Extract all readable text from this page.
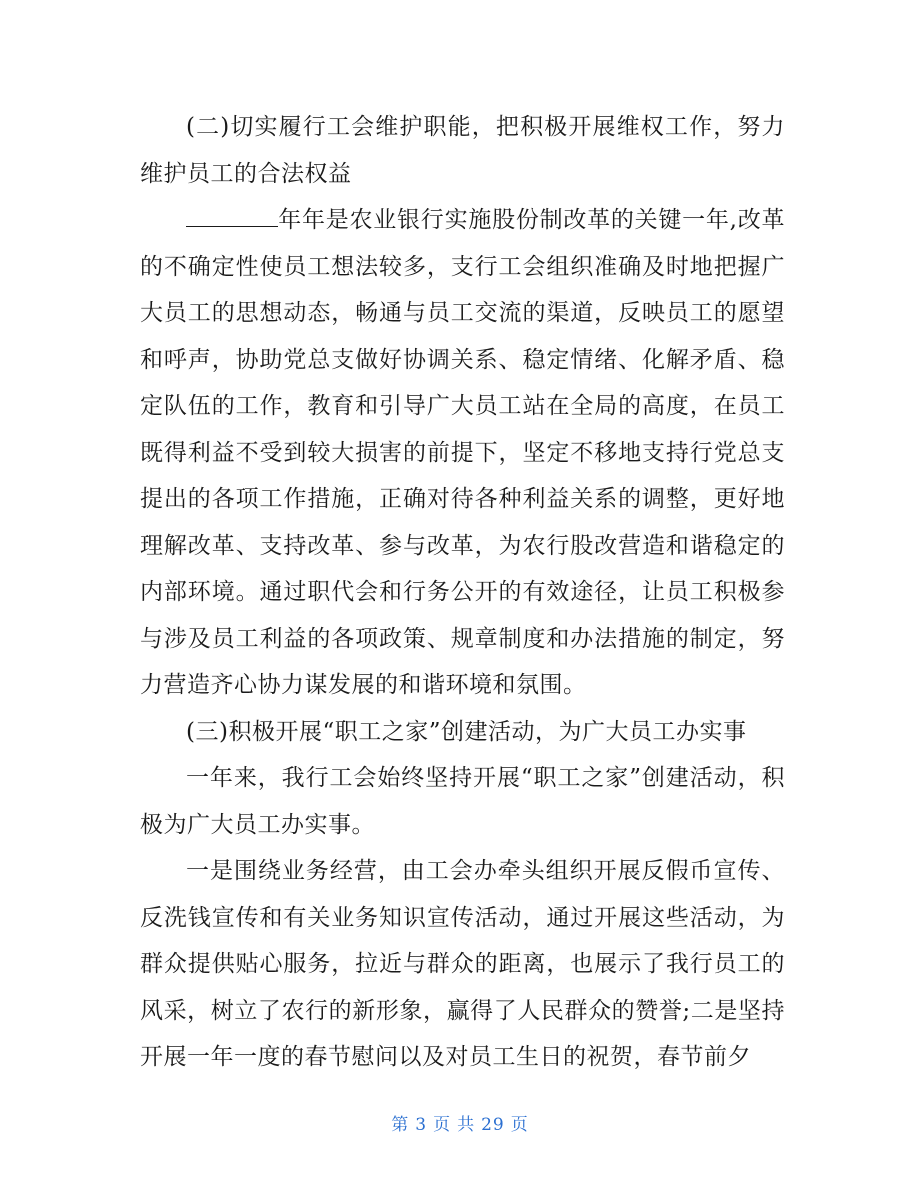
(二)切实履行工会维护职能，把积极开展维权工作，努力维护员工的合法权益

年年是农业银行实施股份制改革的关键一年,改革的不确定性使员工想法较多，支行工会组织准确及时地把握广大员工的思想动态，畅通与员工交流的渠道，反映员工的愿望和呼声，协助党总支做好协调关系、稳定情绪、化解矛盾、稳定队伍的工作，教育和引导广大员工站在全局的高度，在员工既得利益不受到较大损害的前提下，坚定不移地支持行党总支提出的各项工作措施，正确对待各种利益关系的调整，更好地理解改革、支持改革、参与改革，为农行股改营造和谐稳定的内部环境。通过职代会和行务公开的有效途径，让员工积极参与涉及员工利益的各项政策、规章制度和办法措施的制定，努力营造齐心协力谋发展的和谐环境和氛围。

(三)积极开展“职工之家”创建活动，为广大员工办实事

一年来，我行工会始终坚持开展“职工之家”创建活动，积极为广大员工办实事。

一是围绕业务经营，由工会办牵头组织开展反假币宣传、反洗钱宣传和有关业务知识宣传活动，通过开展这些活动，为群众提供贴心服务，拉近与群众的距离，也展示了我行员工的风采，树立了农行的新形象，赢得了人民群众的赞誉;二是坚持开展一年一度的春节慰问以及对员工生日的祝贺，春节前夕

第 3 页 共 29 页
